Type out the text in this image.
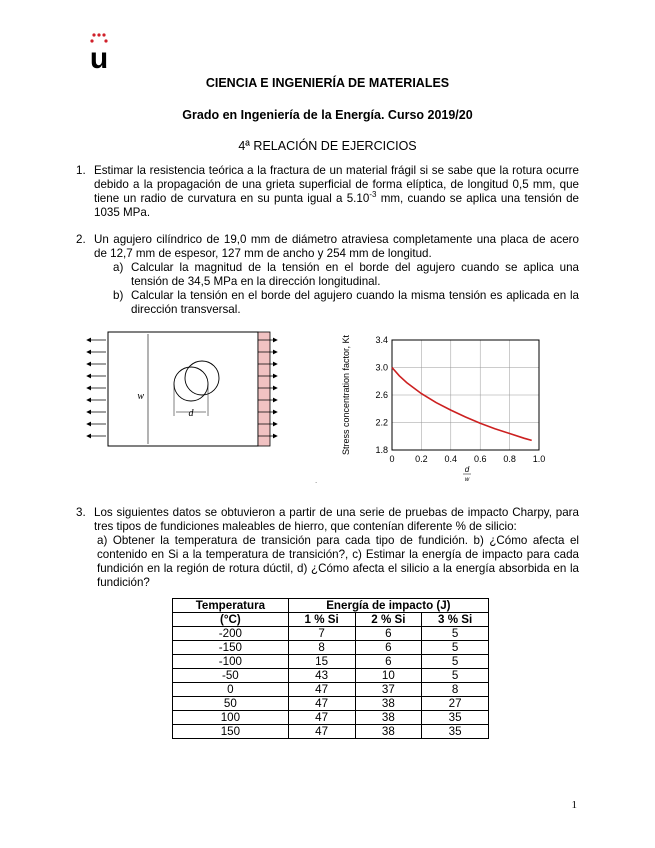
u
CIENCIA E INGENIERÍA DE MATERIALES
Grado en Ingeniería de la Energía. Curso 2019/20
4ª RELACIÓN DE EJERCICIOS
1. Estimar la resistencia teórica a la fractura de un material frágil si se sabe que la rotura ocurre debido a la propagación de una grieta superficial de forma elíptica, de longitud 0,5 mm, que tiene un radio de curvatura en su punta igual a $5.10^{-3}$ mm, cuando se aplica una tensión de 1035 MPa.
2. Un agujero cilíndrico de 19,0 mm de diámetro atraviesa completamente una placa de acero de 12,7 mm de espesor, 127 mm de ancho y 254 mm de longitud.
a) Calcular la magnitud de la tensión en el borde del agujero cuando se aplica una tensión de 34,5 MPa en la dirección longitudinal.
b) Calcular la tensión en el borde del agujero cuando la misma tensión es aplicada en la dirección transversal.
w
d
.
1.8
2.2
2.6
3.0
3.4
0 0.2 0.4 0.6 0.8 1.0
Stress concentration factor, Kt
d
w
3. Los siguientes datos se obtuvieron a partir de una serie de pruebas de impacto Charpy, para tres tipos de fundiciones maleables de hierro, que contenían diferente % de silicio:
a) Obtener la temperatura de transición para cada tipo de fundición. b) ¿Cómo afecta el contenido en Si a la temperatura de transición?, c) Estimar la energía de impacto para cada fundición en la región de rotura dúctil, d) ¿Cómo afecta el silicio a la energía absorbida en la fundición?
Temperatura	Energía de impacto (J)		
(°C)	1 % Si	2 % Si	3 % Si
-200	7	6	5
-150	8	6	5
-100	15	6	5
-50	43	10	5
0	47	37	8
50	47	38	27
100	47	38	35
150	47	38	35
1
